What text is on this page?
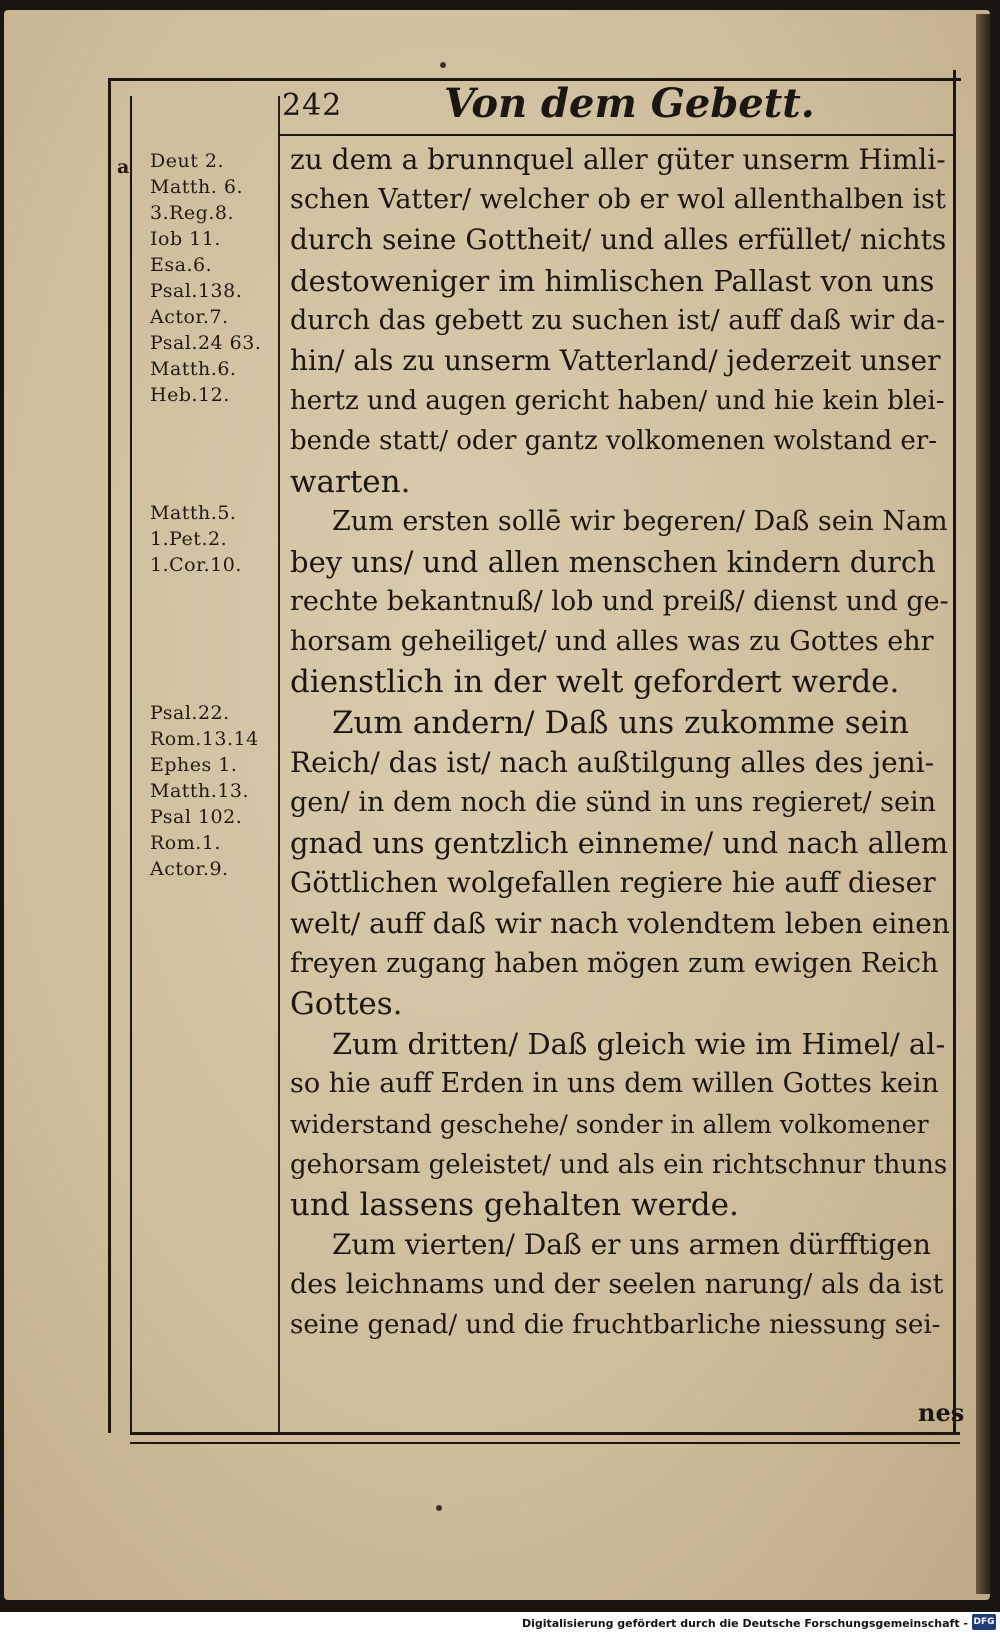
242	Von dem Gebett.
a Deut 2.
Matth. 6.
3.Reg.8.
Iob 11.
Esa.6.
Psal.138.
Actor.7.
Psal.24 63.
Matth.6.
Heb.12.
Matth.5.
1.Pet.2.
1.Cor.10.
Psal.22.
Rom.13.14
Ephes 1.
Matth.13.
Psal 102.
Rom.1.
Actor.9.
zu dem a brunnquel aller güter unserm Himli-
schen Vatter/ welcher ob er wol allenthalben ist
durch seine Gottheit/ und alles erfüllet/ nichts
destoweniger im himlischen Pallast von uns
durch das gebett zu suchen ist/ auff daß wir da-
hin/ als zu unserm Vatterland/ jederzeit unser
hertz und augen gericht haben/ und hie kein blei-
bende statt/ oder gantz volkomenen wolstand er-
warten.
Zum ersten sollē wir begeren/ Daß sein Nam
bey uns/ und allen menschen kindern durch
rechte bekantnuß/ lob und preiß/ dienst und ge-
horsam geheiliget/ und alles was zu Gottes ehr
dienstlich in der welt gefordert werde.
Zum andern/ Daß uns zukomme sein
Reich/ das ist/ nach außtilgung alles des jeni-
gen/ in dem noch die sünd in uns regieret/ sein
gnad uns gentzlich einneme/ und nach allem
Göttlichen wolgefallen regiere hie auff dieser
welt/ auff daß wir nach volendtem leben einen
freyen zugang haben mögen zum ewigen Reich
Gottes.
Zum dritten/ Daß gleich wie im Himel/ al-
so hie auff Erden in uns dem willen Gottes kein
widerstand geschehe/ sonder in allem volkomener
gehorsam geleistet/ und als ein richtschnur thuns
und lassens gehalten werde.
Zum vierten/ Daß er uns armen dürfftigen
des leichnams und der seelen narung/ als da ist
seine genad/ und die fruchtbarliche niessung sei-
nes
Digitalisierung gefördert durch die Deutsche Forschungsgemeinschaft - DFG
